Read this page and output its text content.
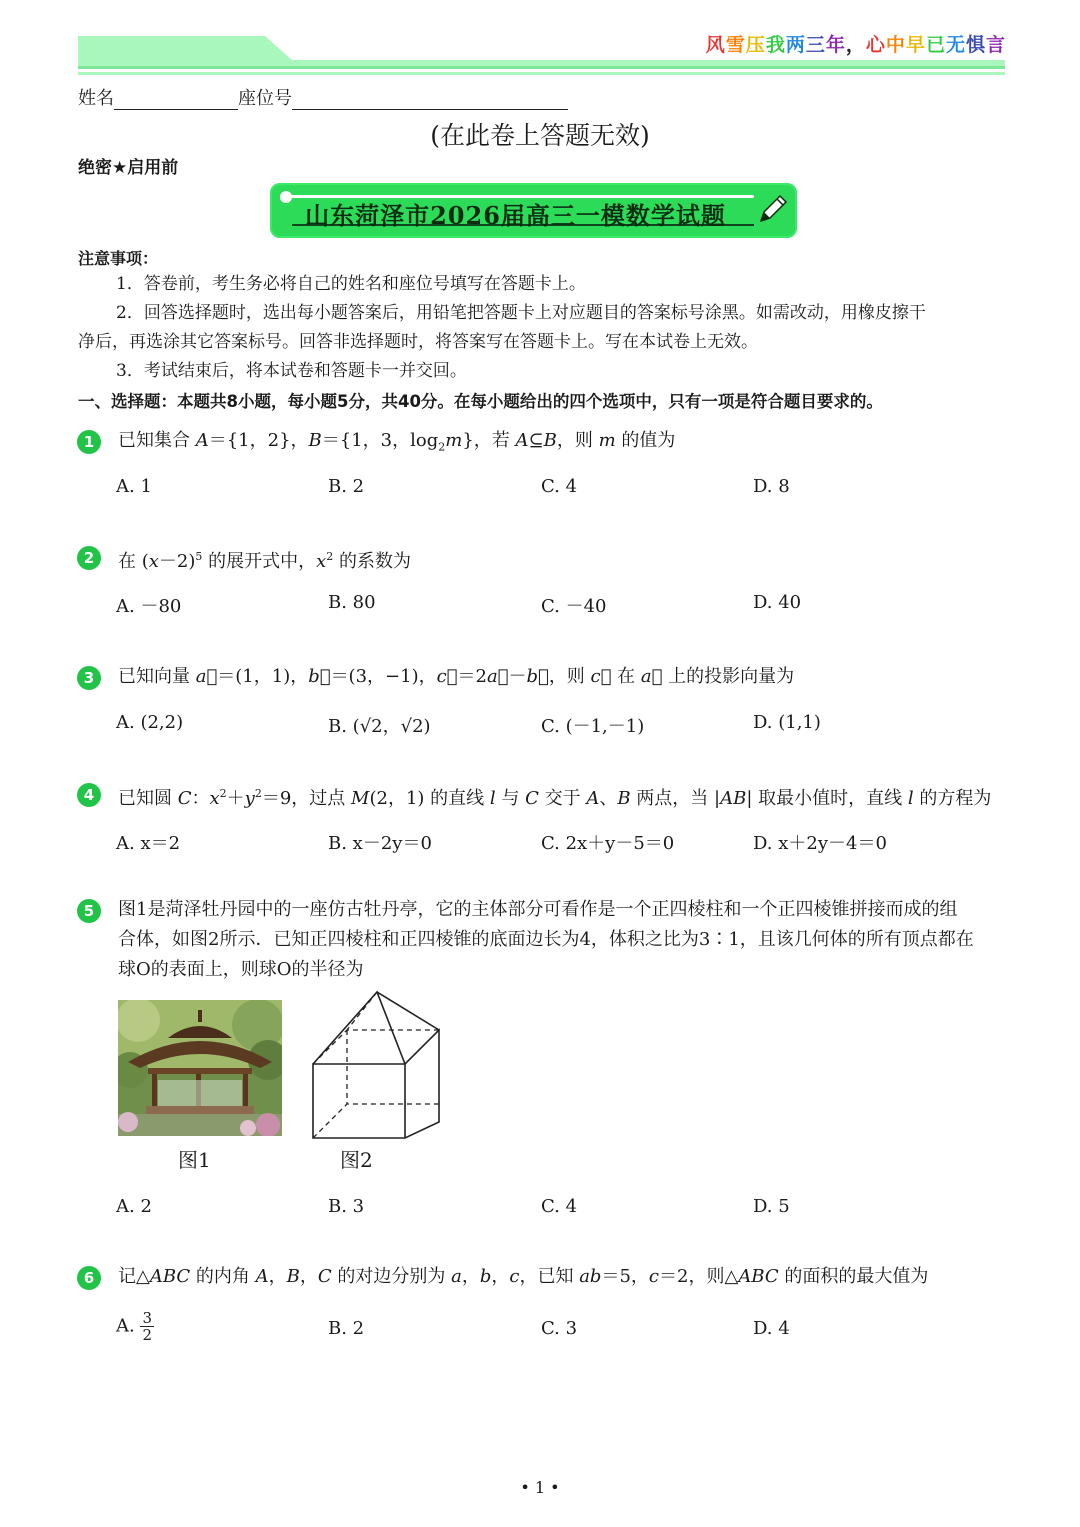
风雪压我两三年，心中早已无惧言
姓名	座位号
(在此卷上答题无效)
绝密★启用前
山东菏泽市2026届高三一模数学试题
注意事项：
1．答卷前，考生务必将自己的姓名和座位号填写在答题卡上。
2．回答选择题时，选出每小题答案后，用铅笔把答题卡上对应题目的答案标号涂黑。如需改动，用橡皮擦干
净后，再选涂其它答案标号。回答非选择题时，将答案写在答题卡上。写在本试卷上无效。
3．考试结束后，将本试卷和答题卡一并交回。
一、选择题：本题共8小题，每小题5分，共40分。在每小题给出的四个选项中，只有一项是符合题目要求的。
1	已知集合 A＝{1，2}，B＝{1，3，$\log_2m$}，若 A⊆B，则 m 的值为
A. 1	B. 2	C. 4	D. 8
2	在 $(x-2)^5$ 的展开式中，$x^2$ 的系数为
A. －80	B. 80	C. －40	D. 40
3	已知向量 a⃗＝(1，1)，b⃗＝(3，−1)，c⃗＝2a⃗－b⃗，则 c⃗ 在 a⃗ 上的投影向量为
A. (2,2)	B. (√2，√2)	C. (－1,－1)	D. (1,1)
4	已知圆 C：$x^2+y^2=9$，过点 M(2，1) 的直线 l 与 C 交于 A、B 两点，当 |AB| 取最小值时，直线 l 的方程为
A. x＝2	B. x－2y＝0	C. 2x＋y－5＝0	D. x＋2y－4＝0
5	图1是菏泽牡丹园中的一座仿古牡丹亭，它的主体部分可看作是一个正四棱柱和一个正四棱锥拼接而成的组
合体，如图2所示．已知正四棱柱和正四棱锥的底面边长为4，体积之比为3∶1，且该几何体的所有顶点都在
球O的表面上，则球O的半径为
图1	图2
A. 2	B. 3	C. 4	D. 5
6	记△ABC 的内角 A，B，C 的对边分别为 a，b，c，已知 ab＝5，c＝2，则△ABC 的面积的最大值为
A. $\frac{3}{2}$	B. 2	C. 3	D. 4
• 1 •
